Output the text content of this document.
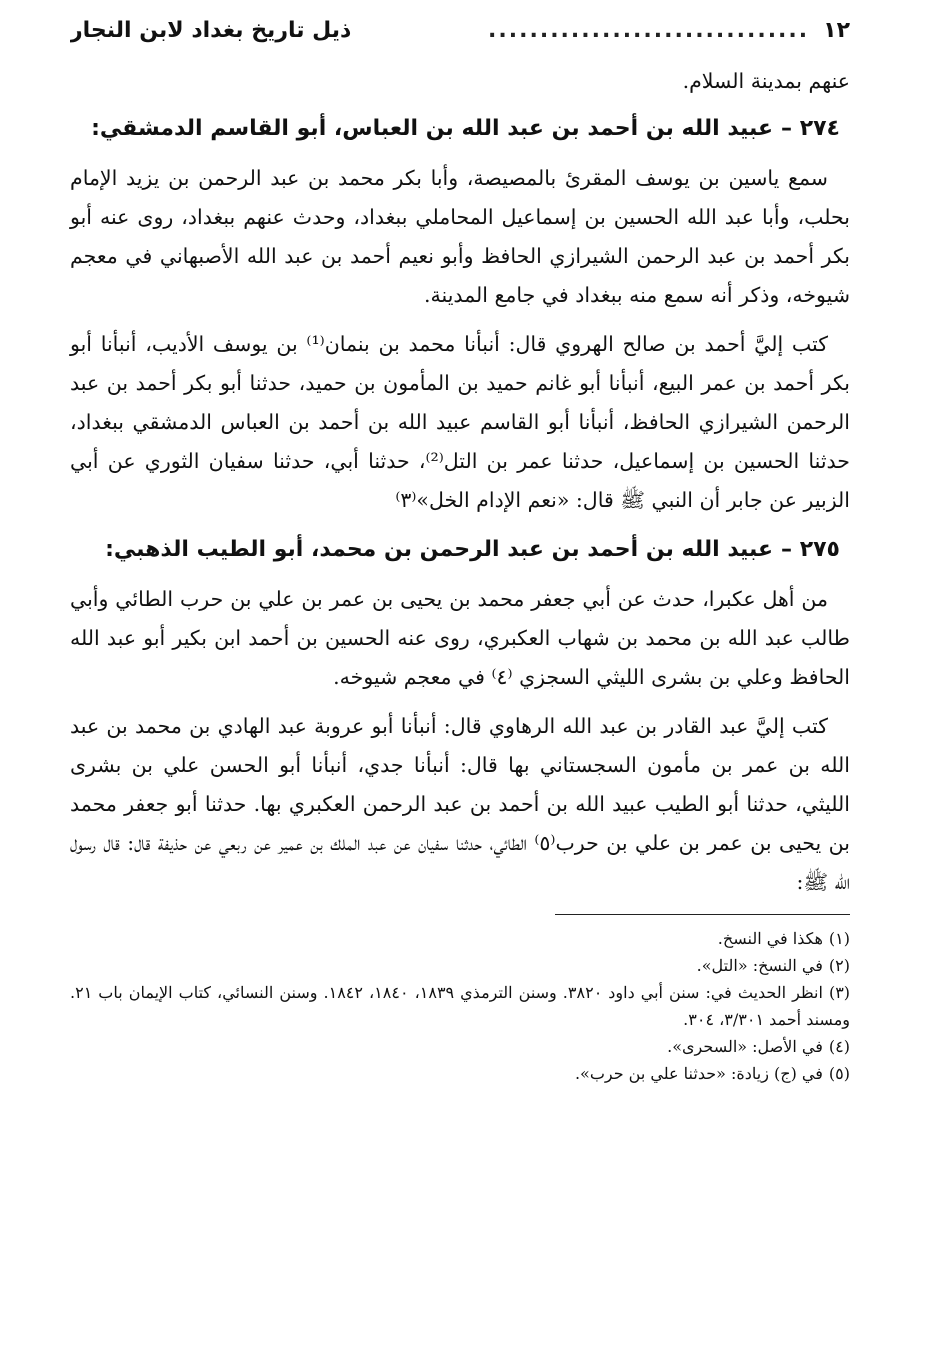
١٢
...............................
ذيل تاريخ بغداد لابن النجار

عنهم بمدينة السلام.

٢٧٤ –عبيد الله بن أحمد بن عبد الله بن العباس، أبو القاسم الدمشقي:

سمع ياسين بن يوسف المقرئ بالمصيصة، وأبا بكر محمد بن عبد الرحمن بن يزيد الإمام بحلب، وأبا عبد الله الحسين بن إسماعيل المحاملي ببغداد، وحدث عنهم ببغداد، روى عنه أبو بكر أحمد بن عبد الرحمن الشيرازي الحافظ وأبو نعيم أحمد بن عبد الله الأصبهاني في معجم شيوخه، وذكر أنه سمع منه ببغداد في جامع المدينة.

كتب إليَّ أحمد بن صالح الهروي قال: أنبأنا محمد بن بنمان⁽¹⁾ بن يوسف الأديب، أنبأنا أبو بكر أحمد بن عمر البيع، أنبأنا أبو غانم حميد بن المأمون بن حميد، حدثنا أبو بكر أحمد بن عبد الرحمن الشيرازي الحافظ، أنبأنا أبو القاسم عبيد الله بن أحمد بن العباس الدمشقي ببغداد، حدثنا الحسين بن إسماعيل، حدثنا عمر بن التل⁽²⁾، حدثنا أبي، حدثنا سفيان الثوري عن أبي الزبير عن جابر أن النبي ﷺ قال: «نعم الإدام الخل»⁽٣⁾

٢٧٥ –عبيد الله بن أحمد بن عبد الرحمن بن محمد، أبو الطيب الذهبي:

من أهل عكبرا، حدث عن أبي جعفر محمد بن يحيى بن عمر بن علي بن حرب الطائي وأبي طالب عبد الله بن محمد بن شهاب العكبري، روى عنه الحسين بن أحمد ابن بكير أبو عبد الله الحافظ وعلي بن بشرى الليثي السجزي ⁽٤⁾ في معجم شيوخه.

كتب إليَّ عبد القادر بن عبد الله الرهاوي قال: أنبأنا أبو عروبة عبد الهادي بن محمد بن عبد الله بن عمر بن مأمون السجستاني بها قال: أنبأنا جدي، أنبأنا أبو الحسن علي بن بشرى الليثي، حدثنا أبو الطيب عبيد الله بن أحمد بن عبد الرحمن العكبري بها. حدثنا أبو جعفر محمد بن يحيى بن عمر بن علي بن حرب⁽٥⁾ الطائي، حدثنا سفيان عن عبد الملك بن عمير عن ربعي عن حذيفة قال: قال رسول الله ﷺ:

(١)هكذا في النسخ.
(٢)في النسخ: «التل».
(٣)انظر الحديث في: سنن أبي داود ٣٨٢٠. وسنن الترمذي ١٨٣٩، ١٨٤٠، ١٨٤٢. وسنن النسائي، كتاب الإيمان باب ٢١. ومسند أحمد ٣/٣٠١، ٣٠٤.
(٤)في الأصل: «السحرى».
(٥)في (ج) زيادة: «حدثنا علي بن حرب».
